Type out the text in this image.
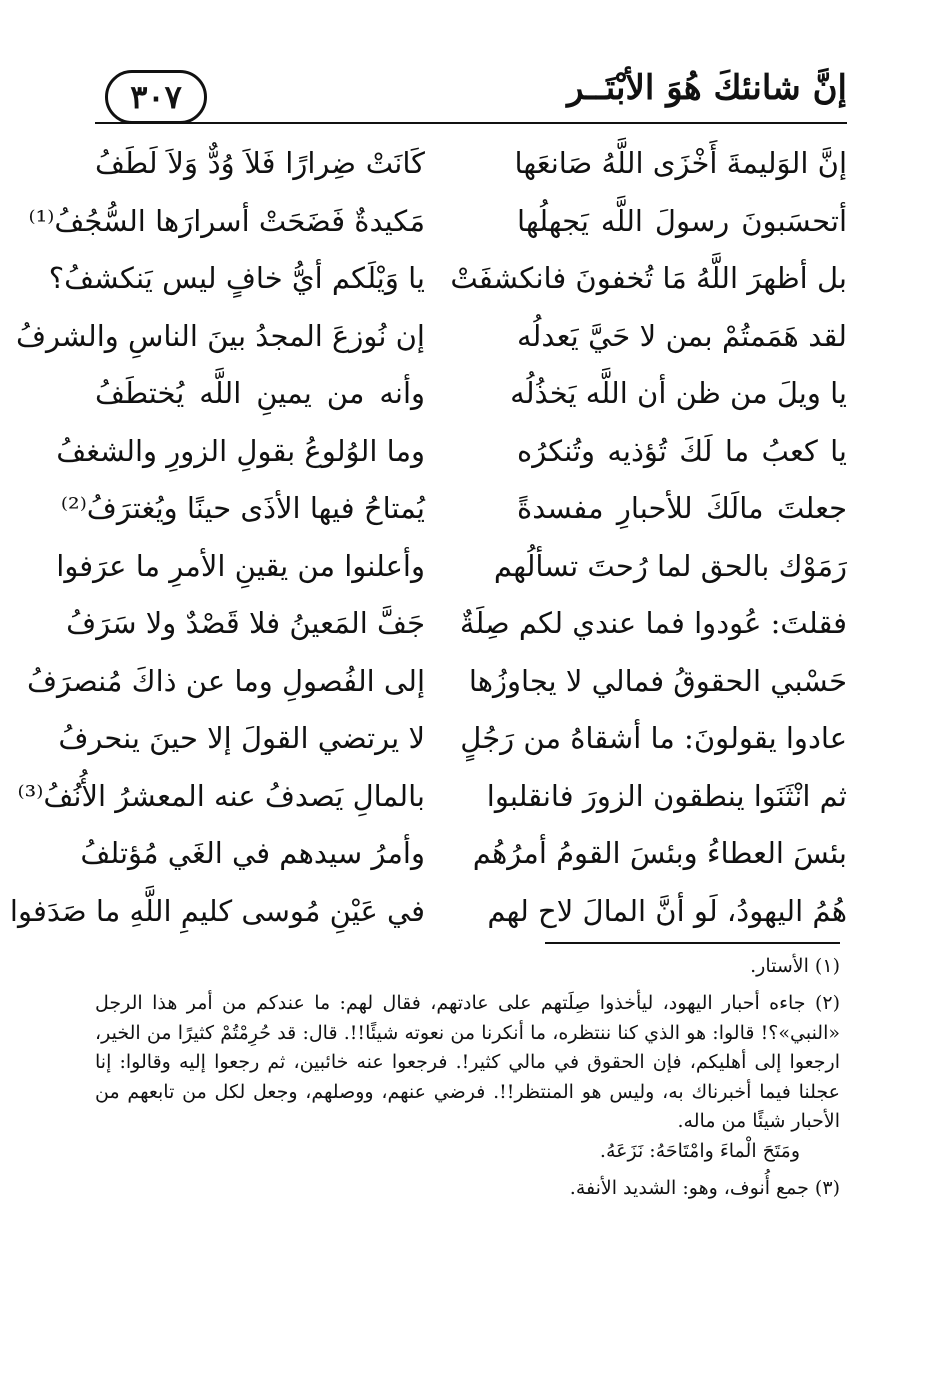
إنَّ شانئكَ هُوَ الأبْتَــر
٣٠٧
إنَّ الوَليمةَ أَخْزَى اللَّهُ صَانعَها
كَانَتْ ضِرارًا فَلاَ وُدٌّ وَلاَ لَطَفُ
أتحسَبونَ رسولَ اللَّه يَجهلُها
مَكيدةٌ فَضَحَتْ أسرارَها السُّجُفُ⁽¹⁾
بل أظهرَ اللَّهُ مَا تُخفونَ فانكشفَتْ
يا وَيْلَكم أيُّ خافٍ ليس يَنكشفُ؟
لقد هَمَمتُمْ بمن لا حَيَّ يَعدلُه
إن نُوزعَ المجدُ بينَ الناسِ والشرفُ
يا ويلَ من ظن أن اللَّه يَخذُلُه
وأنه من يمينِ اللَّه يُختطَفُ
يا كعبُ ما لَكَ تُؤذيه وتُنكرُه
وما الوُلوعُ بقولِ الزورِ والشغفُ
جعلتَ مالَكَ للأحبارِ مفسدةً
يُمتاحُ فيها الأذَى حينًا ويُغترَفُ⁽²⁾
رَمَوْك بالحق لما رُحتَ تسألُهم
وأعلنوا من يقينِ الأمرِ ما عرَفوا
فقلتَ: عُودوا فما عندي لكم صِلَةٌ
جَفَّ المَعينُ فلا قَصْدٌ ولا سَرَفُ
حَسْبي الحقوقُ فمالي لا يجاوزُها
إلى الفُصولِ وما عن ذاكَ مُنصرَفُ
عادوا يقولونَ: ما أشقاهُ من رَجُلٍ
لا يرتضي القولَ إلا حينَ ينحرفُ
ثم انْثَنَوا ينطقون الزورَ فانقلبوا
بالمالِ يَصدفُ عنه المعشرُ الأُنُفُ⁽³⁾
بئسَ العطاءُ وبئسَ القومُ أمرُهُم
وأمرُ سيدهم في الغَي مُؤتلفُ
هُمُ اليهودُ، لَو أنَّ المالَ لاح لهم
في عَيْنِ مُوسى كليمِ اللَّهِ ما صَدَفوا

(١) الأستار.

(٢) جاءه أحبار اليهود، ليأخذوا صِلَتهم على عادتهم، فقال لهم: ما عندكم من أمر هذا الرجل «النبي»؟! قالوا: هو الذي كنا ننتظره، ما أنكرنا من نعوته شيئًا!!. قال: قد حُرِمْتُمْ كثيرًا من الخير، ارجعوا إلى أهليكم، فإن الحقوق في مالي كثير!. فرجعوا عنه خائبين، ثم رجعوا إليه وقالوا: إنا عجلنا فيما أخبرناك به، وليس هو المنتظر!!. فرضي عنهم، ووصلهم، وجعل لكل من تابعهم من الأحبار شيئًا من ماله.

ومَتَحَ الْماءَ وامْتَاحَهُ: نَزَعَهُ.

(٣) جمع أُنوف، وهو: الشديد الأنفة.
